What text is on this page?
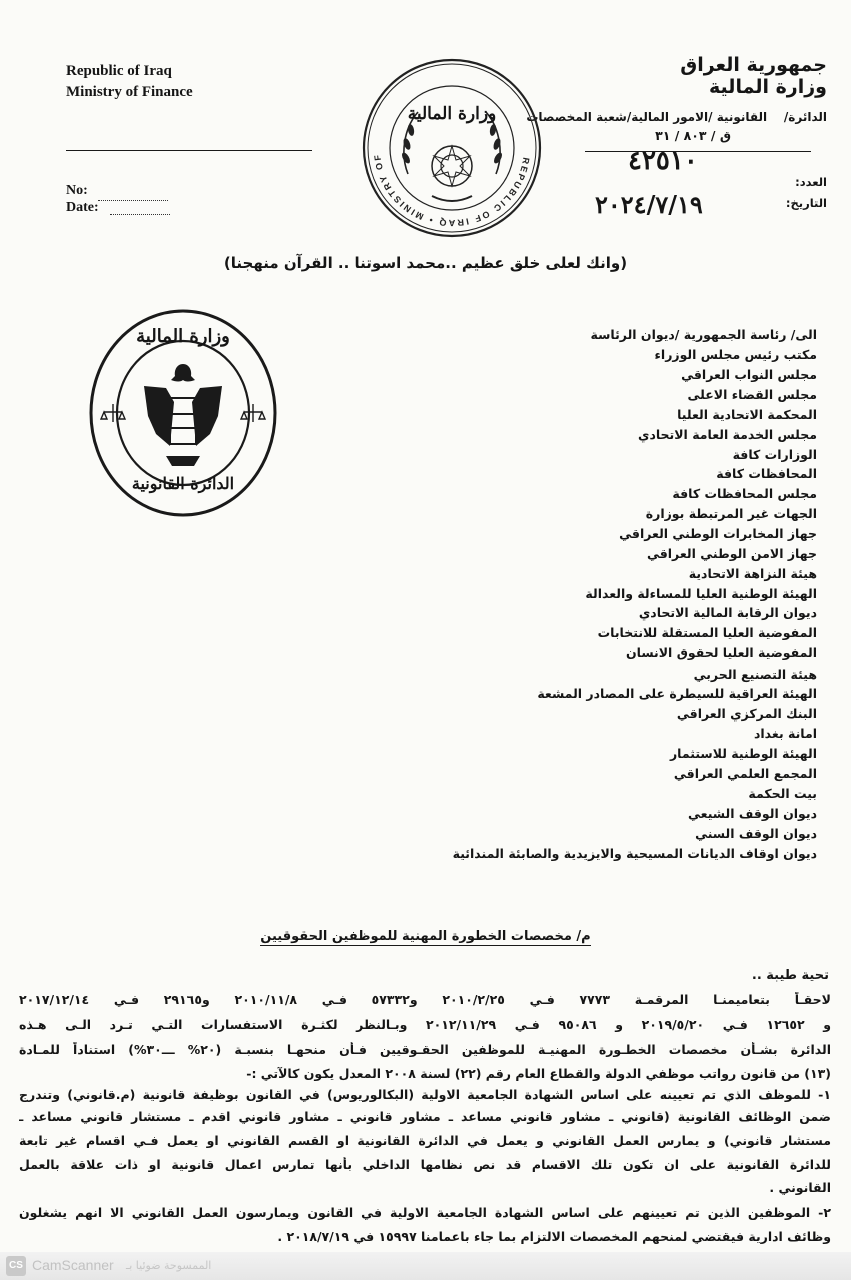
Republic of Iraq
Ministry of Finance
No:
Date:
جمهورية العراق
وزارة المالية
الدائرة/    القانونية /الامور المالية/شعبة المخصصات
ق / ٨٠٣ / ٣١
العدد:
التاريخ:
٤٢٥١٠
٢٠٢٤/٧/١٩
REPUBLIC OF IRAQ • MINISTRY OF
وزارة المالية
(وانك لعلى خلق عظيم ..محمد اسوتنا .. القرآن منهجنا)
وزارة المالية
الدائرة القانونية
الى/ رئاسة الجمهورية /ديوان الرئاسة
مكتب رئيس مجلس الوزراء
مجلس النواب العراقي
مجلس القضاء الاعلى
المحكمة الاتحادية العليا
مجلس الخدمة العامة الاتحادي
الوزارات كافة
المحافظات كافة
مجلس المحافظات كافة
الجهات غير المرتبطة بوزارة
جهاز المخابرات الوطني العراقي
جهاز الامن الوطني العراقي
هيئة النزاهة الاتحادية
الهيئة الوطنية العليا للمساءلة والعدالة
ديوان الرقابة المالية الاتحادي
المفوضية العليا المستقلة للانتخابات
المفوضية العليا لحقوق الانسان
هيئة التصنيع الحربي
الهيئة العراقية للسيطرة على المصادر المشعة
البنك المركزي العراقي
امانة بغداد
الهيئة الوطنية للاستثمار
المجمع العلمي العراقي
بيت الحكمة
ديوان الوقف الشيعي
ديوان الوقف السني
ديوان اوقاف الديانات المسيحية والايزيدية والصابئة المندائية
م/ مخصصات الخطورة المهنية للموظفين الحقوقيين
تحية طيبة ..
لاحقـاً بتعاميمنـا المرقمـة ٧٧٧٣ فـي ٢٠١٠/٢/٢٥ و٥٧٣٣٢ فـي ٢٠١٠/١١/٨ و٢٩١٦٥ فـي ٢٠١٧/١٢/١٤
و ١٢٦٥٢ فـي ٢٠١٩/٥/٢٠ و ٩٥٠٨٦ فـي ٢٠١٢/١١/٢٩ وبـالنظر لكثـرة الاستفسارات التـي تـرد الـى هـذه
الدائرة بشـأن مخصصات الخطـورة المهنيـة للموظفين الحقـوقيين فـأن منحهـا بنسبـة (٢٠% ـــ٣٠%) استناداً للمـادة
(١٣) من قانون رواتب موظفي الدولة والقطاع العام رقم (٢٢) لسنة ٢٠٠٨ المعدل يكون كالآتي :-
١- للموظف الذي تم تعيينه على اساس الشهادة الجامعية الاولية (البكالوريوس) في القانون بوظيفة قانونية (م.قانوني) وتندرج
ضمن الوظائف القانونية (قانوني ـ مشاور قانوني مساعد ـ مشاور قانوني ـ مشاور قانوني اقدم ـ مستشار قانوني مساعد ـ
مستشار قانوني) و يمارس العمل القانوني و يعمل في الدائرة القانونية او القسم القانوني او يعمل فـي اقسام غير تابعة
للدائرة القانونية على ان تكون تلك الاقسام قد نص نظامها الداخلي بأنها تمارس اعمال قانونية او ذات علاقة بالعمل
القانوني .
٢- الموظفين الذين تم تعيينهم على اساس الشهادة الجامعية الاولية في القانون ويمارسون العمل القانوني الا انهم يشغلون
وظائف ادارية فيقتضي لمنحهم المخصصات الالتزام بما جاء باعمامنا ١٥٩٩٧ في ٢٠١٨/٧/١٩ .
CS CamScanner الممسوحة ضوئيا بـ
